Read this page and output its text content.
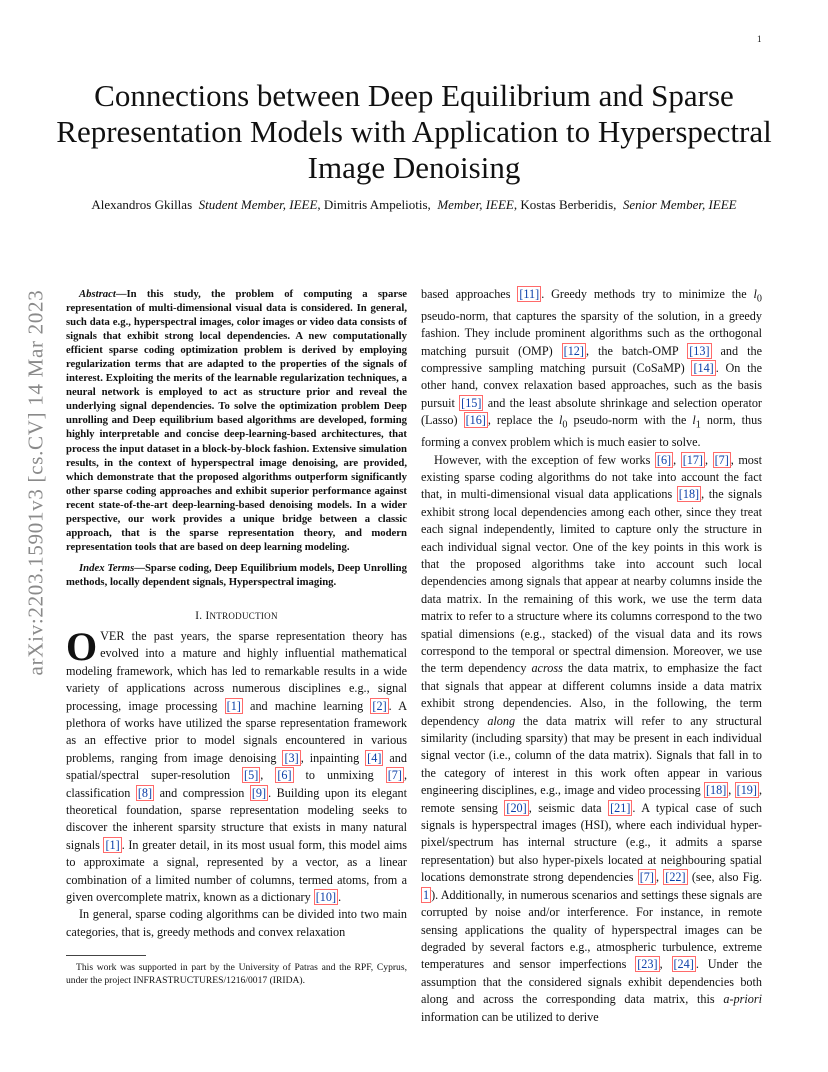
1
arXiv:2203.15901v3 [cs.CV] 14 Mar 2023
Connections between Deep Equilibrium and Sparse Representation Models with Application to Hyperspectral Image Denoising
Alexandros Gkillas Student Member, IEEE, Dimitris Ampeliotis, Member, IEEE, Kostas Berberidis, Senior Member, IEEE

Abstract—In this study, the problem of computing a sparse representation of multi-dimensional visual data is considered. In general, such data e.g., hyperspectral images, color images or video data consists of signals that exhibit strong local dependencies. A new computationally efficient sparse coding optimization problem is derived by employing regularization terms that are adapted to the properties of the signals of interest. Exploiting the merits of the learnable regularization techniques, a neural network is employed to act as structure prior and reveal the underlying signal dependencies. To solve the optimization problem Deep unrolling and Deep equilibrium based algorithms are developed, forming highly interpretable and concise deep-learning-based architectures, that process the input dataset in a block-by-block fashion. Extensive simulation results, in the context of hyperspectral image denoising, are provided, which demonstrate that the proposed algorithms outperform significantly other sparse coding approaches and exhibit superior performance against recent state-of-the-art deep-learning-based denoising models. In a wider perspective, our work provides a unique bridge between a classic approach, that is the sparse representation theory, and modern representation tools that are based on deep learning modeling.

Index Terms—Sparse coding, Deep Equilibrium models, Deep Unrolling methods, locally dependent signals, Hyperspectral imaging.

I. INTRODUCTION

OVER the past years, the sparse representation theory has evolved into a mature and highly influential mathematical modeling framework, which has led to remarkable results in a wide variety of applications across numerous disciplines e.g., signal processing, image processing [1] and machine learning [2] . A plethora of works have utilized the sparse representation framework as an effective prior to model signals encountered in various problems, ranging from image denoising [3] , inpainting [4] and spatial/spectral super-resolution [5] , [6] to unmixing [7] , classification [8] and compression [9] . Building upon its elegant theoretical foundation, sparse representation modeling seeks to discover the inherent sparsity structure that exists in many natural signals [1] . In greater detail, in its most usual form, this model aims to approximate a signal, represented by a vector, as a linear combination of a limited number of columns, termed atoms, from a given overcomplete matrix, known as a dictionary [10] .

In general, sparse coding algorithms can be divided into two main categories, that is, greedy methods and convex relaxation

This work was supported in part by the University of Patras and the RPF, Cyprus, under the project INFRASTRUCTURES/1216/0017 (IRIDA).

based approaches [11] . Greedy methods try to minimize the $l_0$ pseudo-norm, that captures the sparsity of the solution, in a greedy fashion. They include prominent algorithms such as the orthogonal matching pursuit (OMP) [12] , the batch-OMP [13] and the compressive sampling matching pursuit (CoSaMP) [14] . On the other hand, convex relaxation based approaches, such as the basis pursuit [15] and the least absolute shrinkage and selection operator (Lasso) [16] , replace the $l_0$ pseudo-norm with the $l_1$ norm, thus forming a convex problem which is much easier to solve.

However, with the exception of few works [6] , [17] , [7] , most existing sparse coding algorithms do not take into account the fact that, in multi-dimensional visual data applications [18] , the signals exhibit strong local dependencies among each other, since they treat each signal independently, limited to capture only the structure in each individual signal vector. One of the key points in this work is that the proposed algorithms take into account such local dependencies among signals that appear at nearby columns inside the data matrix. In the remaining of this work, we use the term data matrix to refer to a structure where its columns correspond to the two spatial dimensions (e.g., stacked) of the visual data and its rows correspond to the temporal or spectral dimension. Moreover, we use the term dependency across the data matrix, to emphasize the fact that signals that appear at different columns inside a data matrix exhibit strong dependencies. Also, in the following, the term dependency along the data matrix will refer to any structural similarity (including sparsity) that may be present in each individual signal vector (i.e., column of the data matrix). Signals that fall in to the category of interest in this work often appear in various engineering disciplines, e.g., image and video processing [18] , [19] , remote sensing [20] , seismic data [21] . A typical case of such signals is hyperspectral images (HSI), where each individual hyper-pixel/spectrum has internal structure (e.g., it admits a sparse representation) but also hyper-pixels located at neighbouring spatial locations demonstrate strong dependencies [7] , [22] (see, also Fig. 1 ). Additionally, in numerous scenarios and settings these signals are corrupted by noise and/or interference. For instance, in remote sensing applications the quality of hyperspectral images can be degraded by several factors e.g., atmospheric turbulence, extreme temperatures and sensor imperfections [23] , [24] . Under the assumption that the considered signals exhibit dependencies both along and across the corresponding data matrix, this a-priori information can be utilized to derive
